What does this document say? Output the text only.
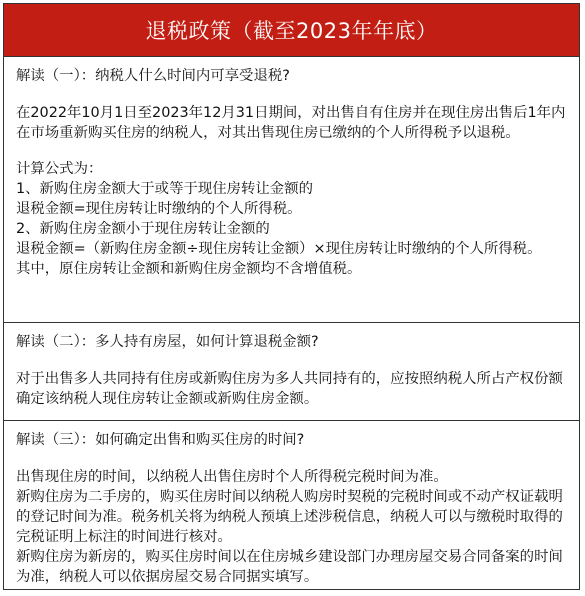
退税政策（截至2023年年底）

解读（一）：纳税人什么时间内可享受退税?

在2022年10月1日至2023年12月31日期间，对出售自有住房并在现住房出售后1年内在市场重新购买住房的纳税人，对其出售现住房已缴纳的个人所得税予以退税。

计算公式为：

1、新购住房金额大于或等于现住房转让金额的

退税金额=现住房转让时缴纳的个人所得税。

2、新购住房金额小于现住房转让金额的

退税金额=（新购住房金额÷现住房转让金额）×现住房转让时缴纳的个人所得税。

其中，原住房转让金额和新购住房金额均不含增值税。

解读（二）：多人持有房屋，如何计算退税金额?

对于出售多人共同持有住房或新购住房为多人共同持有的，应按照纳税人所占产权份额确定该纳税人现住房转让金额或新购住房金额。

解读（三）：如何确定出售和购买住房的时间?

出售现住房的时间，以纳税人出售住房时个人所得税完税时间为准。

新购住房为二手房的，购买住房时间以纳税人购房时契税的完税时间或不动产权证载明的登记时间为准。税务机关将为纳税人预填上述涉税信息，纳税人可以与缴税时取得的完税证明上标注的时间进行核对。

新购住房为新房的，购买住房时间以在住房城乡建设部门办理房屋交易合同备案的时间为准，纳税人可以依据房屋交易合同据实填写。
